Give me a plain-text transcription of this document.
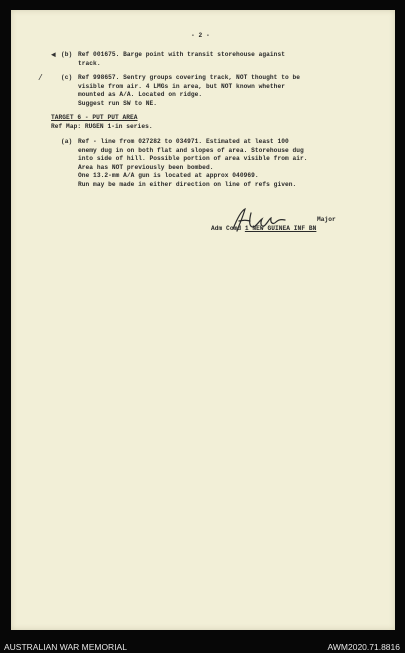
- 2 -
◄ (b) Ref 001675. Barge point with transit storehouse against
track.
/	(c) Ref 998657. Sentry groups covering track, NOT thought to be
visible from air. 4 LMGs in area, but NOT known whether
mounted as A/A. Located on ridge.
Suggest run SW to NE.
TARGET 6 - PUT PUT AREA
Ref Map: RUGEN 1-in series.
(a) Ref - line from 027282 to 034971. Estimated at least 100
enemy dug in on both flat and slopes of area. Storehouse dug
into side of hill. Possible portion of area visible from air.
Area has NOT previously been bombed.
One 13.2-mm A/A gun is located at approx 040969.
Run may be made in either direction on line of refs given.
Major
Adm Comd 1 NEW GUINEA INF BN
AUSTRALIAN WAR MEMORIAL	AWM2020.71.8816
